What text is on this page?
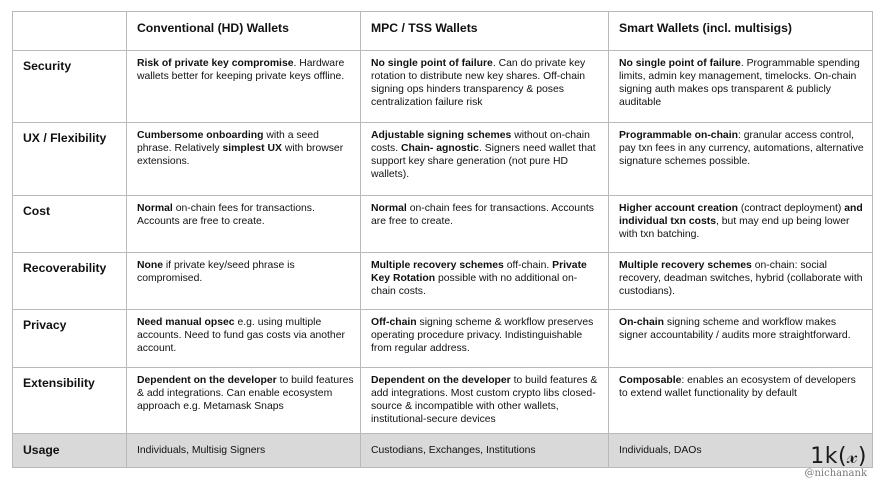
	Conventional (HD) Wallets	MPC / TSS Wallets	Smart Wallets (incl. multisigs)
Security	Risk of private key compromise. Hardware wallets better for keeping private keys offline.	No single point of failure. Can do private key rotation to distribute new key shares. Off-chain signing ops hinders transparency & poses centralization failure risk	No single point of failure. Programmable spending limits, admin key management, timelocks. On-chain signing auth makes ops transparent & publicly auditable
UX / Flexibility	Cumbersome onboarding with a seed phrase. Relatively simplest UX with browser extensions.	Adjustable signing schemes without on-chain costs. Chain- agnostic. Signers need wallet that support key share generation (not pure HD wallets).	Programmable on-chain: granular access control, pay txn fees in any currency, automations, alternative signature schemes possible.
Cost	Normal on-chain fees for transactions. Accounts are free to create.	Normal on-chain fees for transactions. Accounts are free to create.	Higher account creation (contract deployment) and individual txn costs, but may end up being lower with txn batching.
Recoverability	None if private key/seed phrase is compromised.	Multiple recovery schemes off-chain. Private Key Rotation possible with no additional on-chain costs.	Multiple recovery schemes on-chain: social recovery, deadman switches, hybrid (collaborate with custodians).
Privacy	Need manual opsec e.g. using multiple accounts. Need to fund gas costs via another account.	Off-chain signing scheme & workflow preserves operating procedure privacy. Indistinguishable from regular address.	On-chain signing scheme and workflow makes signer accountability / audits more straightforward.
Extensibility	Dependent on the developer to build features & add integrations. Can enable ecosystem approach e.g. Metamask Snaps	Dependent on the developer to build features & add integrations. Most custom crypto libs closed-source & incompatible with other wallets, institutional-secure devices	Composable: enables an ecosystem of developers to extend wallet functionality by default
Usage	Individuals, Multisig Signers	Custodians, Exchanges, Institutions	Individuals, DAOs	1k(𝓍)
@nichanank
